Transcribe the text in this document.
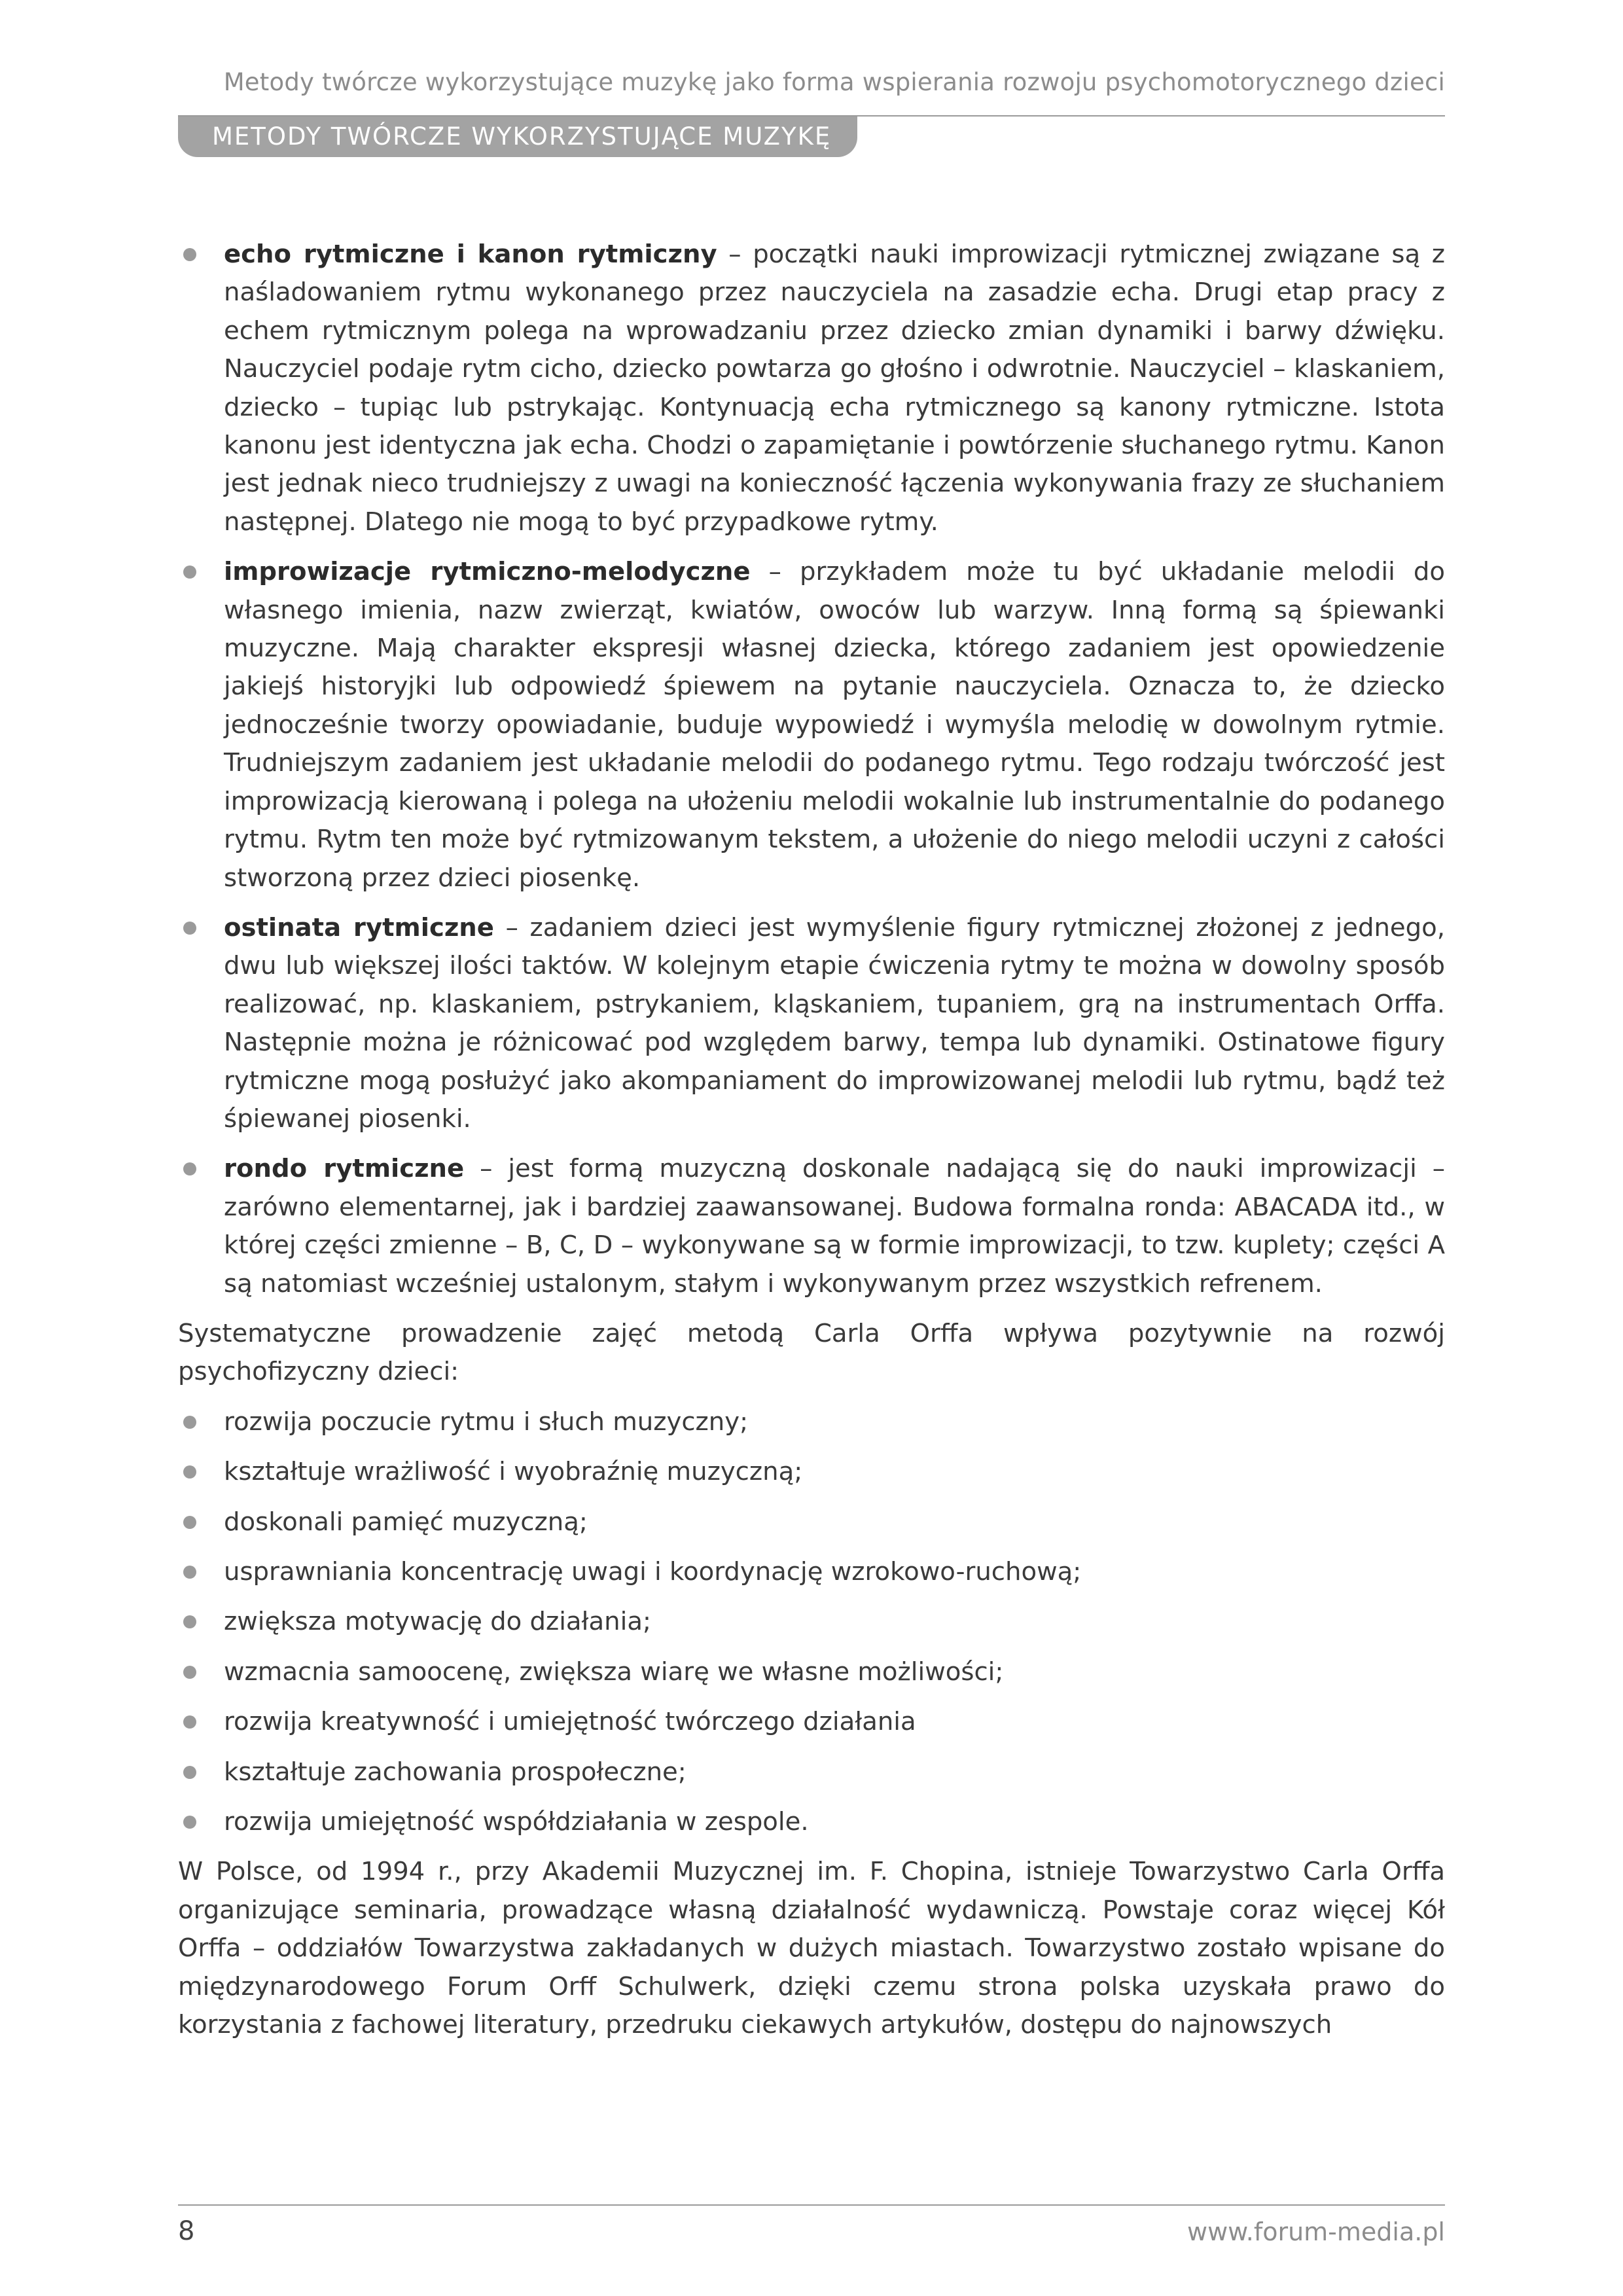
Metody twórcze wykorzystujące muzykę jako forma wspierania rozwoju psychomotorycznego dzieci
METODY TWÓRCZE WYKORZYSTUJĄCE MUZYKĘ
echo rytmiczne i kanon rytmiczny – początki nauki improwizacji rytmicznej związane są z naśladowaniem rytmu wykonanego przez nauczyciela na zasadzie echa. Drugi etap pracy z echem rytmicznym polega na wprowadzaniu przez dziecko zmian dynamiki i barwy dźwięku. Nauczyciel podaje rytm cicho, dziecko powtarza go głośno i odwrotnie. Nauczyciel – klaskaniem, dziecko – tupiąc lub pstrykając. Kontynuacją echa rytmicznego są kanony rytmiczne. Istota kanonu jest identyczna jak echa. Chodzi o zapamiętanie i powtórzenie słuchanego rytmu. Kanon jest jednak nieco trudniejszy z uwagi na konieczność łączenia wykonywania frazy ze słuchaniem następnej. Dlatego nie mogą to być przypadkowe rytmy.
improwizacje rytmiczno-melodyczne – przykładem może tu być układanie melodii do własnego imienia, nazw zwierząt, kwiatów, owoców lub warzyw. Inną formą są śpiewanki muzyczne. Mają charakter ekspresji własnej dziecka, którego zadaniem jest opowiedzenie jakiejś historyjki lub odpowiedź śpiewem na pytanie nauczyciela. Oznacza to, że dziecko jednocześnie tworzy opowiadanie, buduje wypowiedź i wymyśla melodię w dowolnym rytmie. Trudniejszym zadaniem jest układanie melodii do podanego rytmu. Tego rodzaju twórczość jest improwizacją kierowaną i polega na ułożeniu melodii wokalnie lub instrumentalnie do podanego rytmu. Rytm ten może być rytmizowanym tekstem, a ułożenie do niego melodii uczyni z całości stworzoną przez dzieci piosenkę.
ostinata rytmiczne – zadaniem dzieci jest wymyślenie figury rytmicznej złożonej z jednego, dwu lub większej ilości taktów. W kolejnym etapie ćwiczenia rytmy te można w dowolny sposób realizować, np. klaskaniem, pstrykaniem, kląskaniem, tupaniem, grą na instrumentach Orffa. Następnie można je różnicować pod względem barwy, tempa lub dynamiki. Ostinatowe figury rytmiczne mogą posłużyć jako akompaniament do improwizowanej melodii lub rytmu, bądź też śpiewanej piosenki.
rondo rytmiczne – jest formą muzyczną doskonale nadającą się do nauki improwizacji – zarówno elementarnej, jak i bardziej zaawansowanej. Budowa formalna ronda: ABACADA itd., w której części zmienne – B, C, D – wykonywane są w formie improwizacji, to tzw. kuplety; części A są natomiast wcześniej ustalonym, stałym i wykonywanym przez wszystkich refrenem.

Systematyczne prowadzenie zajęć metodą Carla Orffa wpływa pozytywnie na rozwój psychofizyczny dzieci:

rozwija poczucie rytmu i słuch muzyczny;
kształtuje wrażliwość i wyobraźnię muzyczną;
doskonali pamięć muzyczną;
usprawniania koncentrację uwagi i koordynację wzrokowo-ruchową;
zwiększa motywację do działania;
wzmacnia samoocenę, zwiększa wiarę we własne możliwości;
rozwija kreatywność i umiejętność twórczego działania
kształtuje zachowania prospołeczne;
rozwija umiejętność współdziałania w zespole.

W Polsce, od 1994 r., przy Akademii Muzycznej im. F. Chopina, istnieje Towarzystwo Carla Orffa organizujące seminaria, prowadzące własną działalność wydawniczą. Powstaje coraz więcej Kół Orffa – oddziałów Towarzystwa zakładanych w dużych miastach. Towarzystwo zostało wpisane do międzynarodowego Forum Orff Schulwerk, dzięki czemu strona polska uzyskała prawo do korzystania z fachowej literatury, przedruku ciekawych artykułów, dostępu do najnowszych

8	www.forum-media.pl
